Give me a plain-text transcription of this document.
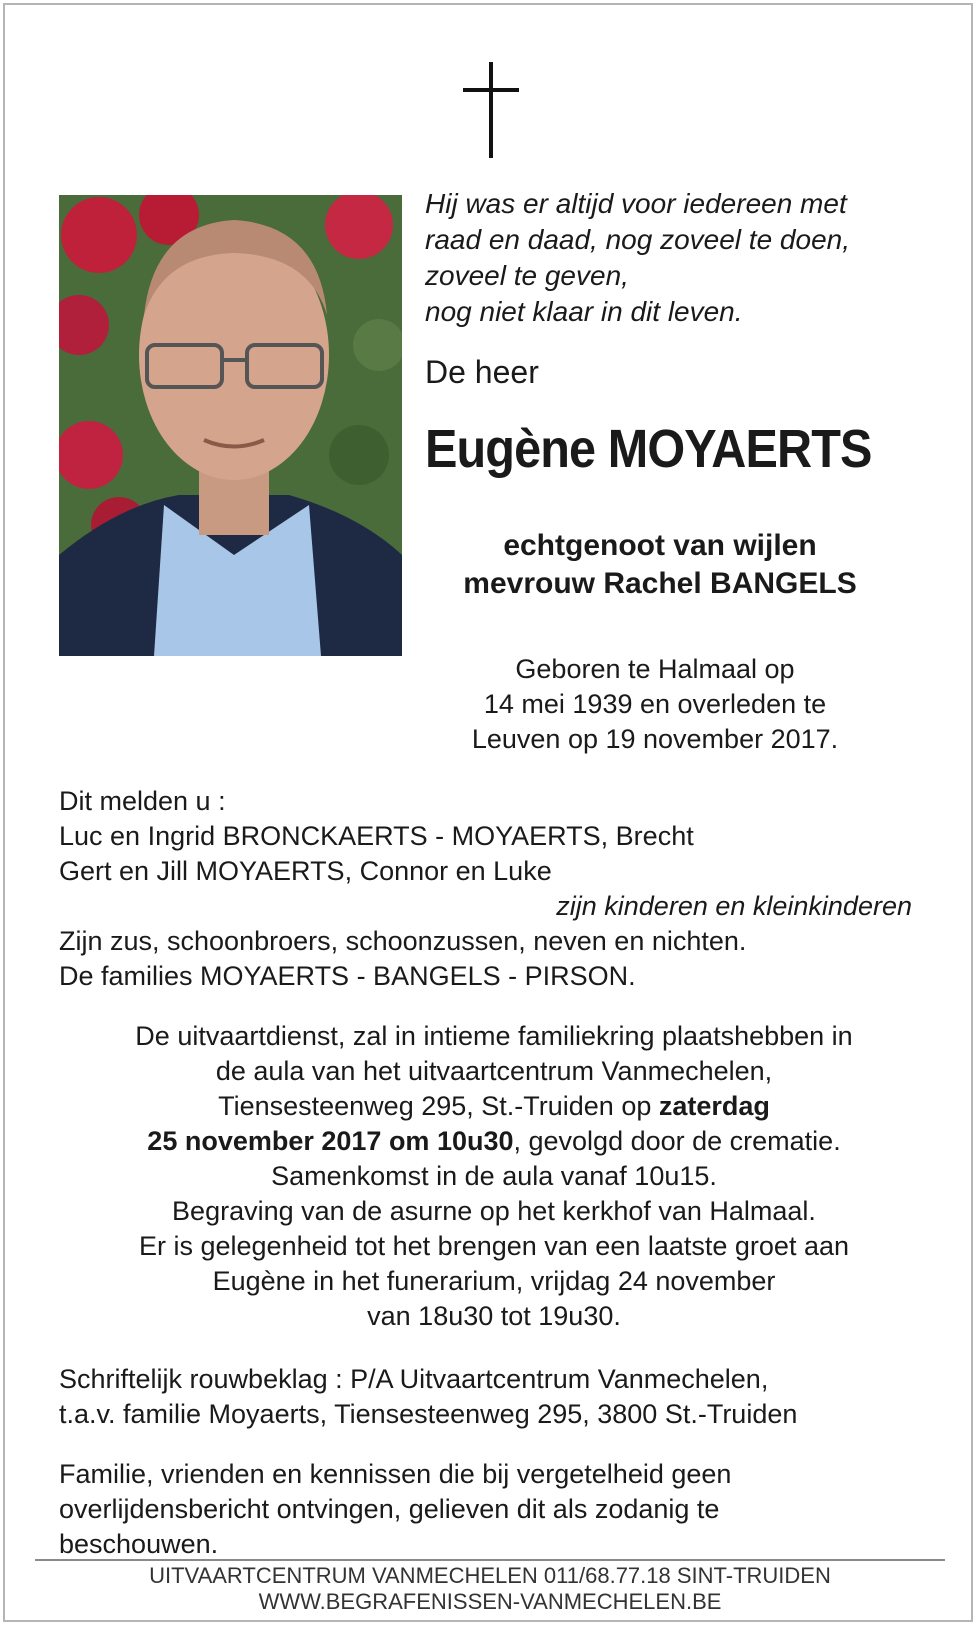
Hij was er altijd voor iedereen met
raad en daad, nog zoveel te doen,
zoveel te geven,
nog niet klaar in dit leven.
De heer
Eugène MOYAERTS
echtgenoot van wijlen
mevrouw Rachel BANGELS
Geboren te Halmaal op
14 mei 1939 en overleden te
Leuven op 19 november 2017.
Dit melden u :
Luc en Ingrid BRONCKAERTS - MOYAERTS, Brecht
Gert en Jill MOYAERTS, Connor en Luke
zijn kinderen en kleinkinderen
Zijn zus, schoonbroers, schoonzussen, neven en nichten.
De families MOYAERTS - BANGELS - PIRSON.
De uitvaartdienst, zal in intieme familiekring plaatshebben in
de aula van het uitvaartcentrum Vanmechelen,
Tiensesteenweg 295, St.-Truiden op zaterdag
25 november 2017 om 10u30, gevolgd door de crematie.
Samenkomst in de aula vanaf 10u15.
Begraving van de asurne op het kerkhof van Halmaal.
Er is gelegenheid tot het brengen van een laatste groet aan
Eugène in het funerarium, vrijdag 24 november
van 18u30 tot 19u30.
Schriftelijk rouwbeklag : P/A Uitvaartcentrum Vanmechelen,
t.a.v. familie Moyaerts, Tiensesteenweg 295, 3800 St.-Truiden
Familie, vrienden en kennissen die bij vergetelheid geen
overlijdensbericht ontvingen, gelieven dit als zodanig te
beschouwen.
UITVAARTCENTRUM VANMECHELEN 011/68.77.18 SINT-TRUIDEN
WWW.BEGRAFENISSEN-VANMECHELEN.BE
